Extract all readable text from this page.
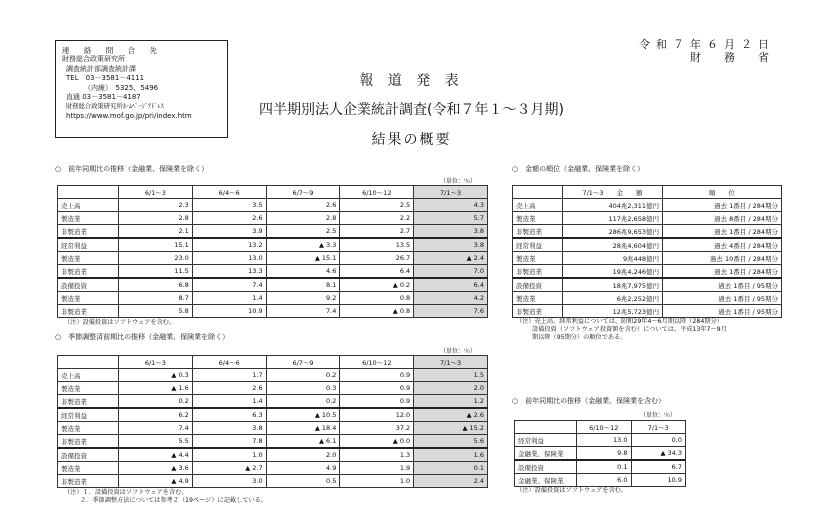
連 絡 問 合 先
財務総合政策研究所
調査統計部調査統計課
TEL　03－3581－4111
（内線）　5325、5496
直通 03－3581－4187
財務総合政策研究所ﾎｰﾑﾍﾟｰｼﾞｱﾄﾞﾚｽ
https://www.mof.go.jp/pri/index.htm
令和７年６月２日
財　務　省
報 道 発 表
四半期別法人企業統計調査(令和７年１～３月期)
結果の概要
○　前年同期比の推移（金融業、保険業を除く）
（単位：％）
	6/1～3	6/4～6	6/7～9	6/10～12	7/1～3
売上高	2.3	3.5	2.6	2.5	4.3
製造業	2.8	2.6	2.8	2.2	5.7
非製造業	2.1	3.9	2.5	2.7	3.8
経常利益	15.1	13.2	▲ 3.3	13.5	3.8
製造業	23.0	13.0	▲ 15.1	26.7	▲ 2.4
非製造業	11.5	13.3	4.6	6.4	7.0
設備投資	6.8	7.4	8.1	▲ 0.2	6.4
製造業	8.7	1.4	9.2	0.8	4.2
非製造業	5.8	10.9	7.4	▲ 0.8	7.6
（注）設備投資はソフトウェアを含む。
○　季節調整済前期比の推移（金融業、保険業を除く）
（単位：％）
	6/1～3	6/4～6	6/7～9	6/10～12	7/1～3
売上高	▲ 0.3	1.7	0.2	0.9	1.5
製造業	▲ 1.6	2.6	0.3	0.9	2.0
非製造業	0.2	1.4	0.2	0.9	1.2
経常利益	6.2	6.3	▲ 10.5	12.0	▲ 2.6
製造業	7.4	3.8	▲ 18.4	37.2	▲ 15.2
非製造業	5.5	7.8	▲ 6.1	▲ 0.0	5.6
設備投資	▲ 4.4	1.0	2.0	1.3	1.6
製造業	▲ 3.6	▲ 2.7	4.9	1.9	0.1
非製造業	▲ 4.9	3.0	0.5	1.0	2.4
（注）１．設備投資はソフトウェアを含む。
２．季節調整方法については参考２（19ページ）に記載している。
○　金額の順位（金融業、保険業を除く）
	7/1～3　　金　　額	順　　位
売上高	404兆2,311億円	過去 1番目 / 284期分
製造業	117兆2,658億円	過去 8番目 / 284期分
非製造業	286兆9,653億円	過去 1番目 / 284期分
経常利益	28兆4,604億円	過去 4番目 / 284期分
製造業	9兆448億円	過去 10番目 / 284期分
非製造業	19兆4,246億円	過去 1番目 / 284期分
設備投資	18兆7,975億円	過去 1番目 / 95期分
製造業	6兆2,252億円	過去 1番目 / 95期分
非製造業	12兆5,723億円	過去 1番目 / 95期分
（注）売上高、経常利益については、昭和29年4～6月期以降（284期分）
設備投資（ソフトウェア投資額を含む）については、平成13年7～9月
期以降（95期分）の順位である。
○　前年同期比の推移（金融業、保険業を含む）
（単位：％）
	6/10～12	7/1～3
経常利益	13.0	0.0
金融業、保険業	9.8	▲ 34.3
設備投資	0.1	6.7
金融業、保険業	6.0	10.9
（注）設備投資はソフトウェアを含む。
